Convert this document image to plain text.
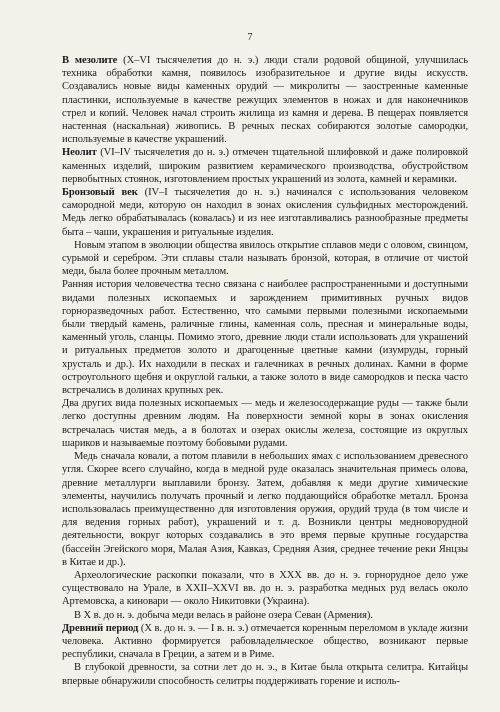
7

В мезолите (Х–VI тысячелетия до н. э.) люди стали родовой общиной, улучшилась техника обработки камня, появилось изобразительное и другие виды искусств. Создавались новые виды каменных орудий — микролиты — заостренные каменные пластинки, используемые в качестве режущих элементов в ножах и для наконечников стрел и копий. Человек начал строить жилища из камня и дерева. В пещерах появляется настенная (наскальная) живопись. В речных песках собираются золотые самородки, используемые в качестве украшений.

Неолит (VI–IV тысячелетия до н. э.) отмечен тщательной шлифовкой и даже полировкой каменных изделий, широким развитием керамического производства, обустройством первобытных стоянок, изготовлением простых украшений из золота, камней и керамики.

Бронзовый век (IV–I тысячелетия до н. э.) начинался с использования человеком самородной меди, которую он находил в зонах окисления сульфидных месторождений. Медь легко обрабатывалась (ковалась) и из нее изготавливались разнообразные предметы быта – чаши, украшения и ритуальные изделия.

Новым этапом в эволюции общества явилось открытие сплавов меди с оловом, свинцом, сурьмой и серебром. Эти сплавы стали называть бронзой, которая, в отличие от чистой меди, была более прочным металлом.

Ранняя история человечества тесно связана с наиболее распространенными и доступными видами полезных ископаемых и зарождением примитивных ручных видов горноразведочных работ. Естественно, что самыми первыми полезными ископаемыми были твердый камень, раличные глины, каменная соль, пресная и минеральные воды, каменный уголь, сланцы. Помимо этого, древние люди стали использовать для украшений и ритуальных предметов золото и драгоценные цветные камни (изумруды, горный хрусталь и др.). Их находили в песках и галечниках в речных долинах. Камни в форме остроугольного щебня и округлой гальки, а также золото в виде самородков и песка часто встречались в долинах крупных рек.

Два других вида полезных ископаемых — медь и железосодержащие руды — также были легко доступны древним людям. На поверхности земной коры в зонах окисления встречалась чистая медь, а в болотах и озерах окислы железа, состоящие из округлых шариков и называемые поэтому бобовыми рудами.

Медь сначала ковали, а потом плавили в небольших ямах с использованием древесного угля. Скорее всего случайно, когда в медной руде оказалась значительная примесь олова, древние металлурги выплавили бронзу. Затем, добавляя к меди другие химические элементы, научились получать прочный и легко поддающийся обработке металл. Бронза использовалась преимущественно для изготовления оружия, орудий труда (в том числе и для ведения горных работ), украшений и т. д. Возникли центры медноворудной деятельности, вокруг которых создавались в это время первые крупные государства (бассейн Эгейского моря, Малая Азия, Кавказ, Средняя Азия, среднее течение реки Янцзы в Китае и др.).

Археологические раскопки показали, что в ХХХ вв. до н. э. горнорудное дело уже существовало на Урале, в ХХII–ХХVI вв. до н. э. разработка медных руд велась около Артемовска, а киновари — около Никитовки (Украина).

В Х в. до н. э. добыча меди велась в районе озера Севан (Армения).

Древний период (Х в. до н. э. — I в. н. э.) отмечается коренным переломом в укладе жизни человека. Активно формируется рабовладельческое общество, возникают первые республики, сначала в Греции, а затем и в Риме.

В глубокой древности, за сотни лет до н. э., в Китае была открыта селитра. Китайцы впервые обнаружили способность селитры поддерживать горение и исполь-
